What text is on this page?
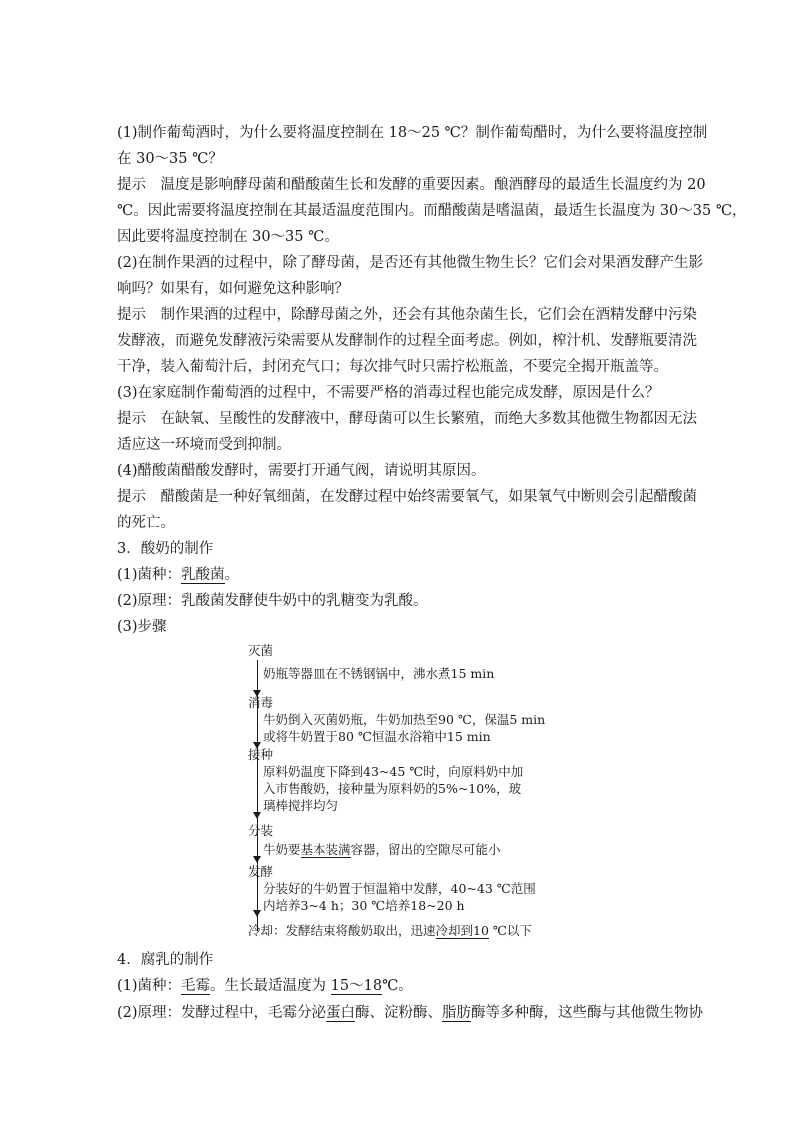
(1)制作葡萄酒时，为什么要将温度控制在 18～25 ℃？制作葡萄醋时，为什么要将温度控制
在 30～35 ℃？
提示　温度是影响酵母菌和醋酸菌生长和发酵的重要因素。酿酒酵母的最适生长温度约为 20
℃。因此需要将温度控制在其最适温度范围内。而醋酸菌是嗜温菌，最适生长温度为 30～35 ℃，
因此要将温度控制在 30～35 ℃。
(2)在制作果酒的过程中，除了酵母菌，是否还有其他微生物生长？它们会对果酒发酵产生影
响吗？如果有，如何避免这种影响？
提示　制作果酒的过程中，除酵母菌之外，还会有其他杂菌生长，它们会在酒精发酵中污染
发酵液，而避免发酵液污染需要从发酵制作的过程全面考虑。例如，榨汁机、发酵瓶要清洗
干净，装入葡萄汁后，封闭充气口；每次排气时只需拧松瓶盖，不要完全揭开瓶盖等。
(3)在家庭制作葡萄酒的过程中，不需要严格的消毒过程也能完成发酵，原因是什么？
提示　在缺氧、呈酸性的发酵液中，酵母菌可以生长繁殖，而绝大多数其他微生物都因无法
适应这一环境而受到抑制。
(4)醋酸菌醋酸发酵时，需要打开通气阀，请说明其原因。
提示　醋酸菌是一种好氧细菌，在发酵过程中始终需要氧气，如果氧气中断则会引起醋酸菌
的死亡。
3．酸奶的制作
(1)菌种：乳酸菌。
(2)原理：乳酸菌发酵使牛奶中的乳糖变为乳酸。
(3)步骤
灭菌
奶瓶等器皿在不锈钢锅中，沸水煮15 min
消毒
牛奶倒入灭菌奶瓶，牛奶加热至90 ℃，保温5 min
或将牛奶置于80 ℃恒温水浴箱中15 min
接种
原料奶温度下降到43~45 ℃时，向原料奶中加
入市售酸奶，接种量为原料奶的5%~10%，玻
璃棒搅拌均匀
分装
牛奶要基本装满容器，留出的空隙尽可能小
发酵
分装好的牛奶置于恒温箱中发酵，40~43 ℃范围
内培养3~4 h；30 ℃培养18~20 h
冷却：发酵结束将酸奶取出，迅速冷却到10 ℃以下
4．腐乳的制作
(1)菌种：毛霉。生长最适温度为 15～18℃。
(2)原理：发酵过程中，毛霉分泌蛋白酶、淀粉酶、脂肪酶等多种酶，这些酶与其他微生物协
